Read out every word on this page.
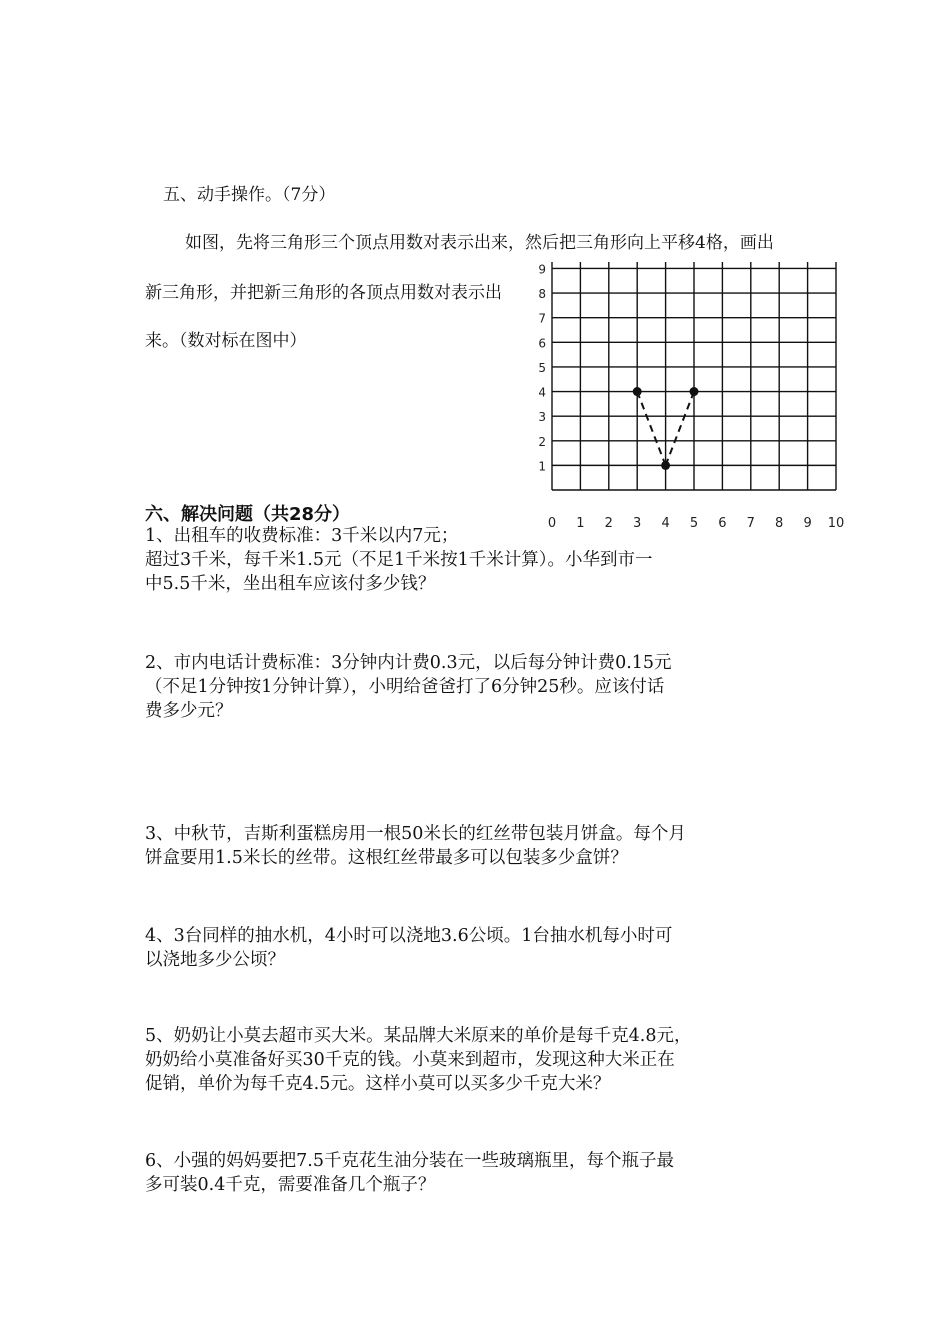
五、动手操作。（7分）
如图，先将三角形三个顶点用数对表示出来，然后把三角形向上平移4格，画出
新三角形，并把新三角形的各顶点用数对表示出
来。（数对标在图中）
0 1 2 3 4 5 6 7 8 9 10
1
2
3
4
5
6
7
8
9
六、解决问题（共28分）
1、出租车的收费标准：3千米以内7元；
超过3千米，每千米1.5元（不足1千米按1千米计算）。小华到市一
中5.5千米，坐出租车应该付多少钱？
2、市内电话计费标准：3分钟内计费0.3元，以后每分钟计费0.15元
（不足1分钟按1分钟计算），小明给爸爸打了6分钟25秒。应该付话
费多少元？
3、中秋节，吉斯利蛋糕房用一根50米长的红丝带包装月饼盒。每个月
饼盒要用1.5米长的丝带。这根红丝带最多可以包装多少盒饼？
4、3台同样的抽水机，4小时可以浇地3.6公顷。1台抽水机每小时可
以浇地多少公顷？
5、奶奶让小莫去超市买大米。某品牌大米原来的单价是每千克4.8元，
奶奶给小莫准备好买30千克的钱。小莫来到超市，发现这种大米正在
促销，单价为每千克4.5元。这样小莫可以买多少千克大米？
6、小强的妈妈要把7.5千克花生油分装在一些玻璃瓶里，每个瓶子最
多可装0.4千克，需要准备几个瓶子？
